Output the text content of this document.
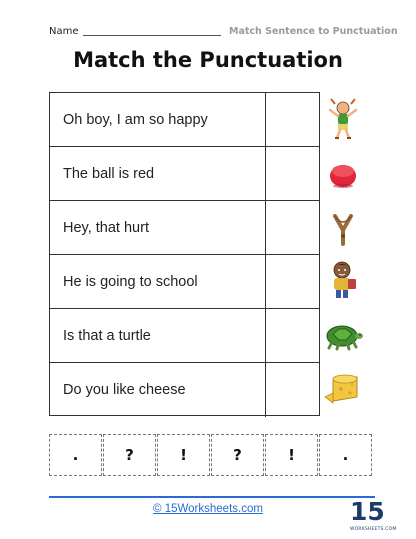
Name	Match Sentence to Punctuation
Match the Punctuation
Oh boy, I am so happy
The ball is red
Hey, that hurt
He is going to school
Is that a turtle
Do you like cheese
.	?	!	?	!	.
© 15Worksheets.com	15
WORKSHEETS.COM
